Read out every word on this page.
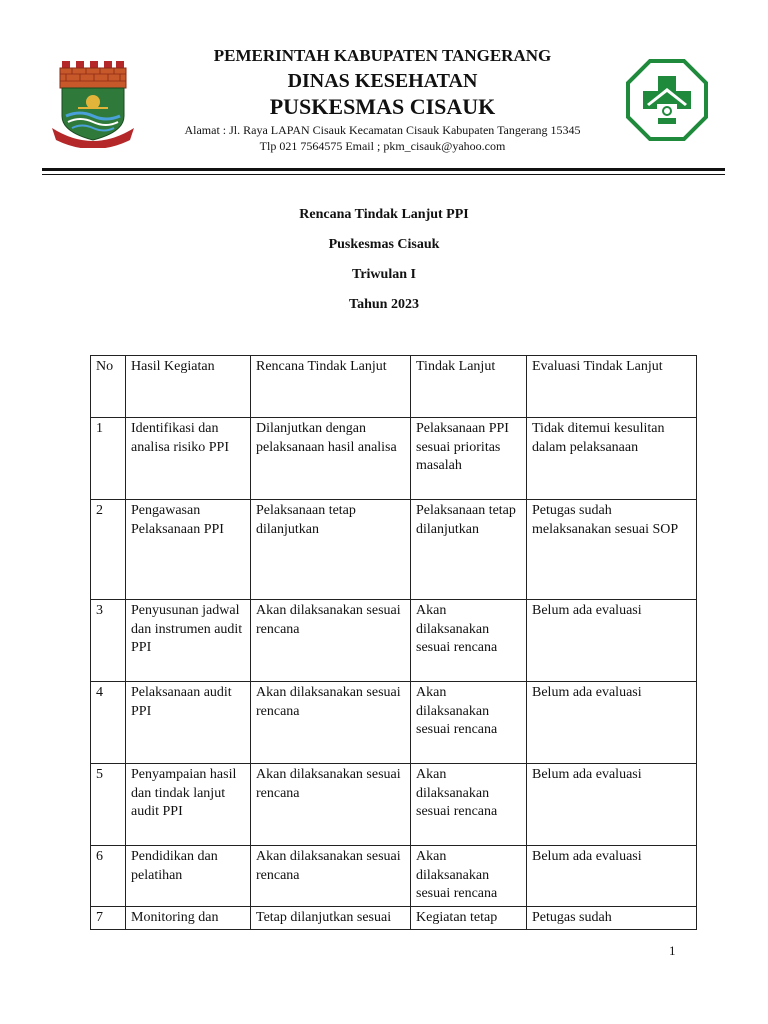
PEMERINTAH KABUPATEN TANGERANG
DINAS KESEHATAN
PUSKESMAS CISAUK
Alamat : Jl. Raya LAPAN Cisauk Kecamatan Cisauk Kabupaten Tangerang 15345
Tlp 021 7564575 Email ; pkm_cisauk@yahoo.com
Rencana Tindak Lanjut PPI
Puskesmas Cisauk
Triwulan I
Tahun 2023
No	Hasil Kegiatan	Rencana Tindak Lanjut	Tindak Lanjut	Evaluasi Tindak Lanjut
1	Identifikasi dan analisa risiko PPI	Dilanjutkan dengan pelaksanaan hasil analisa	Pelaksanaan PPI sesuai prioritas masalah	Tidak ditemui kesulitan dalam pelaksanaan
2	Pengawasan Pelaksanaan PPI	Pelaksanaan tetap dilanjutkan	Pelaksanaan tetap dilanjutkan	Petugas sudah melaksanakan sesuai SOP
3	Penyusunan jadwal dan instrumen audit PPI	Akan dilaksanakan sesuai rencana	Akan dilaksanakan sesuai rencana	Belum ada evaluasi
4	Pelaksanaan audit PPI	Akan dilaksanakan sesuai rencana	Akan dilaksanakan sesuai rencana	Belum ada evaluasi
5	Penyampaian hasil dan tindak lanjut audit PPI	Akan dilaksanakan sesuai rencana	Akan dilaksanakan sesuai rencana	Belum ada evaluasi
6	Pendidikan dan pelatihan	Akan dilaksanakan sesuai rencana	Akan dilaksanakan sesuai rencana	Belum ada evaluasi
7	Monitoring dan	Tetap dilanjutkan sesuai	Kegiatan tetap	Petugas sudah
1
